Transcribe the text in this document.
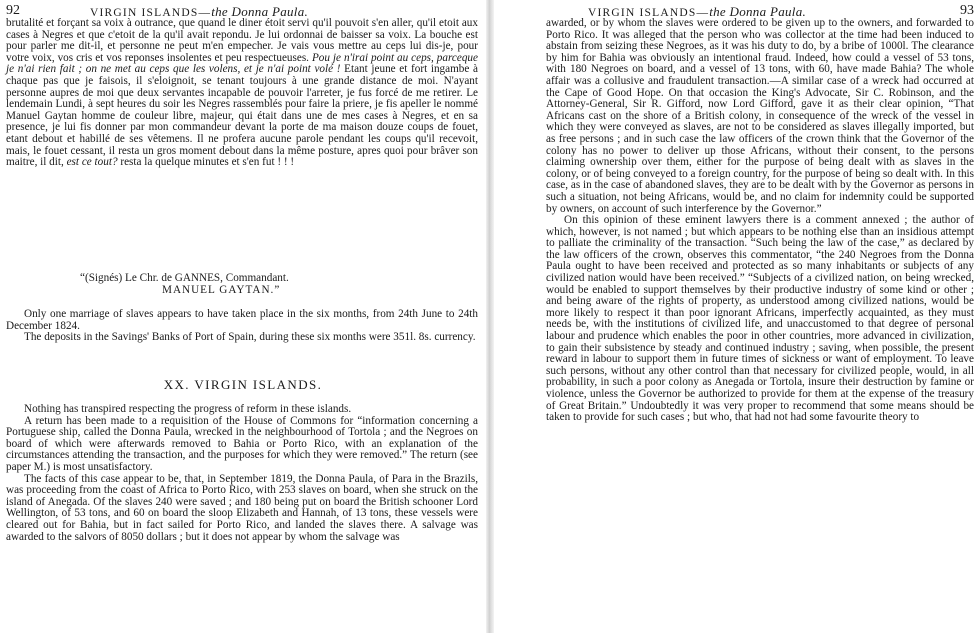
92	VIRGIN ISLANDS—the Donna Paula.

brutalité et forçant sa voix à outrance, que quand le diner étoit servi qu'il pouvoit s'en aller, qu'il etoit aux cases à Negres et que c'etoit de la qu'il avait repondu. Je lui ordonnai de baisser sa voix. La bouche est pour parler me dit-il, et personne ne peut m'en empecher. Je vais vous mettre au ceps lui dis-je, pour votre voix, vos cris et vos reponses insolentes et peu respectueuses. Pou je n'irai point au ceps, parceque je n'ai rien fait ; on ne met au ceps que les volens, et je n'ai point volé ! Etant jeune et fort ingambe à chaque pas que je faisois, il s'eloignoit, se tenant toujours à une grande distance de moi. N'ayant personne aupres de moi que deux servantes incapable de pouvoir l'arreter, je fus forcé de me retirer. Le lendemain Lundi, à sept heures du soir les Negres rassemblés pour faire la priere, je fis apeller le nommé Manuel Gaytan homme de couleur libre, majeur, qui était dans une de mes cases à Negres, et en sa presence, je lui fis donner par mon commandeur devant la porte de ma maison douze coups de fouet, etant debout et habillé de ses vêtemens. Il ne profera aucune parole pendant les coups qu'il recevoit, mais, le fouet cessant, il resta un gros moment debout dans la même posture, apres quoi pour brâver son maitre, il dit, est ce tout? resta la quelque minutes et s'en fut ! ! !

“(Signés) Le Chr. de GANNES, Commandant.
MANUEL GAYTAN.”

Only one marriage of slaves appears to have taken place in the six months, from 24th June to 24th December 1824.

The deposits in the Savings' Banks of Port of Spain, during these six months were 351l. 8s. currency.

XX. VIRGIN ISLANDS.

Nothing has transpired respecting the progress of reform in these islands.

A return has been made to a requisition of the House of Commons for “information concerning a Portuguese ship, called the Donna Paula, wrecked in the neighbourhood of Tortola ; and the Negroes on board of which were afterwards removed to Bahia or Porto Rico, with an explanation of the circumstances attending the transaction, and the purposes for which they were removed.” The return (see paper M.) is most unsatisfactory.

The facts of this case appear to be, that, in September 1819, the Donna Paula, of Para in the Brazils, was proceeding from the coast of Africa to Porto Rico, with 253 slaves on board, when she struck on the island of Anegada. Of the slaves 240 were saved ; and 180 being put on board the British schooner Lord Wellington, of 53 tons, and 60 on board the sloop Elizabeth and Hannah, of 13 tons, these vessels were cleared out for Bahia, but in fact sailed for Porto Rico, and landed the slaves there. A salvage was awarded to the salvors of 8050 dollars ; but it does not appear by whom the salvage was

VIRGIN ISLANDS—the Donna Paula.	93

awarded, or by whom the slaves were ordered to be given up to the owners, and forwarded to Porto Rico. It was alleged that the person who was collector at the time had been induced to abstain from seizing these Negroes, as it was his duty to do, by a bribe of 1000l. The clearance by him for Bahia was obviously an intentional fraud. Indeed, how could a vessel of 53 tons, with 180 Negroes on board, and a vessel of 13 tons, with 60, have made Bahia? The whole affair was a collusive and fraudulent transaction.—A similar case of a wreck had occurred at the Cape of Good Hope. On that occasion the King's Advocate, Sir C. Robinson, and the Attorney-General, Sir R. Gifford, now Lord Gifford, gave it as their clear opinion, “That Africans cast on the shore of a British colony, in consequence of the wreck of the vessel in which they were conveyed as slaves, are not to be considered as slaves illegally imported, but as free persons ; and in such case the law officers of the crown think that the Governor of the colony has no power to deliver up those Africans, without their consent, to the persons claiming ownership over them, either for the purpose of being dealt with as slaves in the colony, or of being conveyed to a foreign country, for the purpose of being so dealt with. In this case, as in the case of abandoned slaves, they are to be dealt with by the Governor as persons in such a situation, not being Africans, would be, and no claim for indemnity could be supported by owners, on account of such interference by the Governor.”

On this opinion of these eminent lawyers there is a comment annexed ; the author of which, however, is not named ; but which appears to be nothing else than an insidious attempt to palliate the criminality of the transaction. “Such being the law of the case,” as declared by the law officers of the crown, observes this commentator, “the 240 Negroes from the Donna Paula ought to have been received and protected as so many inhabitants or subjects of any civilized nation would have been received.” “Subjects of a civilized nation, on being wrecked, would be enabled to support themselves by their productive industry of some kind or other ; and being aware of the rights of property, as understood among civilized nations, would be more likely to respect it than poor ignorant Africans, imperfectly acquainted, as they must needs be, with the institutions of civilized life, and unaccustomed to that degree of personal labour and prudence which enables the poor in other countries, more advanced in civilization, to gain their subsistence by steady and continued industry ; saving, when possible, the present reward in labour to support them in future times of sickness or want of employment. To leave such persons, without any other control than that necessary for civilized people, would, in all probability, in such a poor colony as Anegada or Tortola, insure their destruction by famine or violence, unless the Governor be authorized to provide for them at the expense of the treasury of Great Britain.” Undoubtedly it was very proper to recommend that some means should be taken to provide for such cases ; but who, that had not had some favourite theory to
